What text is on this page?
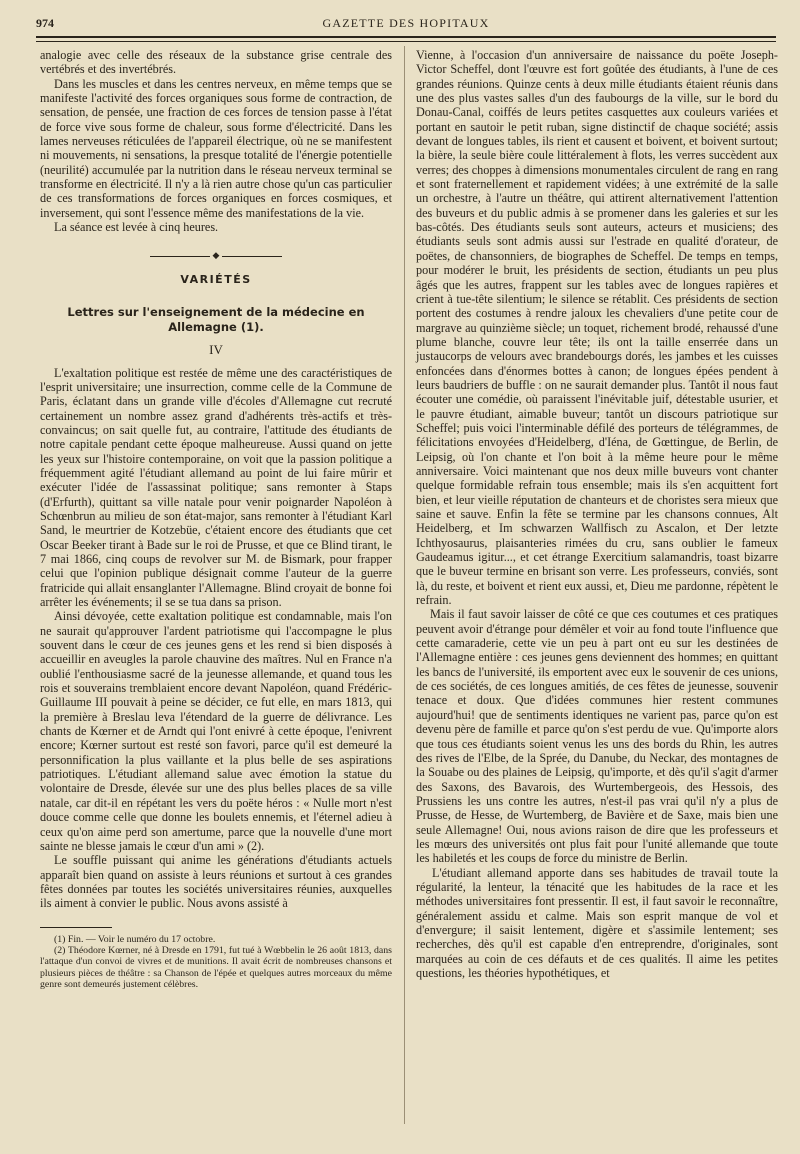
974	GAZETTE DES HOPITAUX

analogie avec celle des réseaux de la substance grise centrale des vertébrés et des invertébrés.

Dans les muscles et dans les centres nerveux, en même temps que se manifeste l'activité des forces organiques sous forme de contraction, de sensation, de pensée, une fraction de ces forces de tension passe à l'état de force vive sous forme de chaleur, sous forme d'électricité. Dans les lames nerveuses réticulées de l'appareil électrique, où ne se manifestent ni mouvements, ni sensations, la presque totalité de l'énergie potentielle (neurilité) accumulée par la nutrition dans le réseau nerveux terminal se transforme en électricité. Il n'y a là rien autre chose qu'un cas particulier de ces transformations de forces organiques en forces cosmiques, et inversement, qui sont l'essence même des manifestations de la vie.

La séance est levée à cinq heures.

◆
VARIÉTÉS
Lettres sur l'enseignement de la médecine en
Allemagne (1).
IV

L'exaltation politique est restée de même une des caractéristiques de l'esprit universitaire; une insurrection, comme celle de la Commune de Paris, éclatant dans un grande ville d'écoles d'Allemagne cut recruté certainement un nombre assez grand d'adhérents très-actifs et très-convaincus; on sait quelle fut, au contraire, l'attitude des étudiants de notre capitale pendant cette époque malheureuse. Aussi quand on jette les yeux sur l'histoire contemporaine, on voit que la passion politique a fréquemment agité l'étudiant allemand au point de lui faire mûrir et exécuter l'idée de l'assassinat politique; sans remonter à Staps (d'Erfurth), quittant sa ville natale pour venir poignarder Napoléon à Schœnbrun au milieu de son état-major, sans remonter à l'étudiant Karl Sand, le meurtrier de Kotzebüe, c'étaient encore des étudiants que cet Oscar Beeker tirant à Bade sur le roi de Prusse, et que ce Blind tirant, le 7 mai 1866, cinq coups de revolver sur M. de Bismark, pour frapper celui que l'opinion publique désignait comme l'auteur de la guerre fratricide qui allait ensanglanter l'Allemagne. Blind croyait de bonne foi arrêter les événements; il se se tua dans sa prison.

Ainsi dévoyée, cette exaltation politique est condamnable, mais l'on ne saurait qu'approuver l'ardent patriotisme qui l'accompagne le plus souvent dans le cœur de ces jeunes gens et les rend si bien disposés à accueillir en aveugles la parole chauvine des maîtres. Nul en France n'a oublié l'enthousiasme sacré de la jeunesse allemande, et quand tous les rois et souverains tremblaient encore devant Napoléon, quand Frédéric-Guillaume III pouvait à peine se décider, ce fut elle, en mars 1813, qui la première à Breslau leva l'étendard de la guerre de délivrance. Les chants de Kœrner et de Arndt qui l'ont enivré à cette époque, l'enivrent encore; Kœrner surtout est resté son favori, parce qu'il est demeuré la personnification la plus vaillante et la plus belle de ses aspirations patriotiques. L'étudiant allemand salue avec émotion la statue du volontaire de Dresde, élevée sur une des plus belles places de sa ville natale, car dit-il en répétant les vers du poëte héros : « Nulle mort n'est douce comme celle que donne les boulets ennemis, et l'éternel adieu à ceux qu'on aime perd son amertume, parce que la nouvelle d'une mort sainte ne blesse jamais le cœur d'un ami » (2).

Le souffle puissant qui anime les générations d'étudiants actuels apparaît bien quand on assiste à leurs réunions et surtout à ces grandes fêtes données par toutes les sociétés universitaires réunies, auxquelles ils aiment à convier le public. Nous avons assisté à

(1) Fin. — Voir le numéro du 17 octobre.

(2) Théodore Kœrner, né à Dresde en 1791, fut tué à Wœbbelin le 26 août 1813, dans l'attaque d'un convoi de vivres et de munitions. Il avait écrit de nombreuses chansons et plusieurs pièces de théâtre : sa Chanson de l'épée et quelques autres morceaux du même genre sont demeurés justement célèbres.

Vienne, à l'occasion d'un anniversaire de naissance du poëte Joseph-Victor Scheffel, dont l'œuvre est fort goûtée des étudiants, à l'une de ces grandes réunions. Quinze cents à deux mille étudiants étaient réunis dans une des plus vastes salles d'un des faubourgs de la ville, sur le bord du Donau-Canal, coiffés de leurs petites casquettes aux couleurs variées et portant en sautoir le petit ruban, signe distinctif de chaque société; assis devant de longues tables, ils rient et causent et boivent, et boivent surtout; la bière, la seule bière coule littéralement à flots, les verres succèdent aux verres; des choppes à dimensions monumentales circulent de rang en rang et sont fraternellement et rapidement vidées; à une extrémité de la salle un orchestre, à l'autre un théâtre, qui attirent alternativement l'attention des buveurs et du public admis à se promener dans les galeries et sur les bas-côtés. Des étudiants seuls sont auteurs, acteurs et musiciens; des étudiants seuls sont admis aussi sur l'estrade en qualité d'orateur, de poëtes, de chansonniers, de biographes de Scheffel. De temps en temps, pour modérer le bruit, les présidents de section, étudiants un peu plus âgés que les autres, frappent sur les tables avec de longues rapières et crient à tue-tête silentium; le silence se rétablit. Ces présidents de section portent des costumes à rendre jaloux les chevaliers d'une petite cour de margrave au quinzième siècle; un toquet, richement brodé, rehaussé d'une plume blanche, couvre leur tête; ils ont la taille enserrée dans un justaucorps de velours avec brandebourgs dorés, les jambes et les cuisses enfoncées dans d'énormes bottes à canon; de longues épées pendent à leurs baudriers de buffle : on ne saurait demander plus. Tantôt il nous faut écouter une comédie, où paraissent l'inévitable juif, détestable usurier, et le pauvre étudiant, aimable buveur; tantôt un discours patriotique sur Scheffel; puis voici l'interminable défilé des porteurs de télégrammes, de félicitations envoyées d'Heidelberg, d'Iéna, de Gœttingue, de Berlin, de Leipsig, où l'on chante et l'on boit à la même heure pour le même anniversaire. Voici maintenant que nos deux mille buveurs vont chanter quelque formidable refrain tous ensemble; mais ils s'en acquittent fort bien, et leur vieille réputation de chanteurs et de choristes sera mieux que saine et sauve. Enfin la fête se termine par les chansons connues, Alt Heidelberg, et Im schwarzen Wallfisch zu Ascalon, et Der letzte Ichthyosaurus, plaisanteries rimées du cru, sans oublier le fameux Gaudeamus igitur..., et cet étrange Exercitium salamandris, toast bizarre que le buveur termine en brisant son verre. Les professeurs, conviés, sont là, du reste, et boivent et rient eux aussi, et, Dieu me pardonne, répètent le refrain.

Mais il faut savoir laisser de côté ce que ces coutumes et ces pratiques peuvent avoir d'étrange pour démêler et voir au fond toute l'influence que cette camaraderie, cette vie un peu à part ont eu sur les destinées de l'Allemagne entière : ces jeunes gens deviennent des hommes; en quittant les bancs de l'université, ils emportent avec eux le souvenir de ces unions, de ces sociétés, de ces longues amitiés, de ces fêtes de jeunesse, souvenir tenace et doux. Que d'idées communes hier restent communes aujourd'hui! que de sentiments identiques ne varient pas, parce qu'on est devenu père de famille et parce qu'on s'est perdu de vue. Qu'importe alors que tous ces étudiants soient venus les uns des bords du Rhin, les autres des rives de l'Elbe, de la Sprée, du Danube, du Neckar, des montagnes de la Souabe ou des plaines de Leipsig, qu'importe, et dès qu'il s'agit d'armer des Saxons, des Bavarois, des Wurtembergeois, des Hessois, des Prussiens les uns contre les autres, n'est-il pas vrai qu'il n'y a plus de Prusse, de Hesse, de Wurtemberg, de Bavière et de Saxe, mais bien une seule Allemagne! Oui, nous avions raison de dire que les professeurs et les mœurs des universités ont plus fait pour l'unité allemande que toute les habiletés et les coups de force du ministre de Berlin.

L'étudiant allemand apporte dans ses habitudes de travail toute la régularité, la lenteur, la ténacité que les habitudes de la race et les méthodes universitaires font pressentir. Il est, il faut savoir le reconnaître, généralement assidu et calme. Mais son esprit manque de vol et d'envergure; il saisit lentement, digère et s'assimile lentement; ses recherches, dès qu'il est capable d'en entreprendre, d'originales, sont marquées au coin de ces défauts et de ces qualités. Il aime les petites questions, les théories hypothétiques, et
